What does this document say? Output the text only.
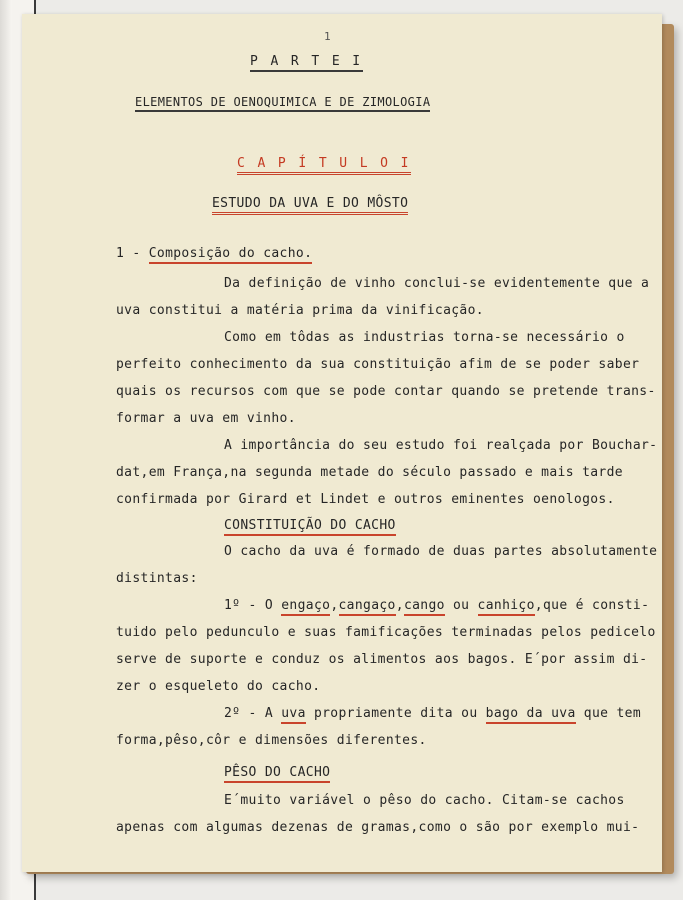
1
P A R T E I
ELEMENTOS DE OENOQUIMICA E DE ZIMOLOGIA
C A P Í T U L O I
ESTUDO DA UVA E DO MÔSTO
1 - Composição do cacho.
Da definição de vinho conclui-se evidentemente que a
uva constitui a matéria prima da vinificação.
Como em tôdas as industrias torna-se necessário o
perfeito conhecimento da sua constituição afim de se poder saber
quais os recursos com que se pode contar quando se pretende trans-
formar a uva em vinho.
A importância do seu estudo foi realçada por Bouchar-
dat,em França,na segunda metade do século passado e mais tarde
confirmada por Girard et Lindet e outros eminentes oenologos.
CONSTITUIÇÃO DO CACHO
O cacho da uva é formado de duas partes absolutamente
distintas:
1º - O engaço,cangaço,cango ou canhiço,que é consti-
tuido pelo pedunculo e suas famificações terminadas pelos pedicelo
serve de suporte e conduz os alimentos aos bagos. E´por assim di-
zer o esqueleto do cacho.
2º - A uva propriamente dita ou bago da uva que tem
forma,pêso,côr e dimensões diferentes.
PÊSO DO CACHO
E´muito variável o pêso do cacho. Citam-se cachos
apenas com algumas dezenas de gramas,como o são por exemplo mui-
